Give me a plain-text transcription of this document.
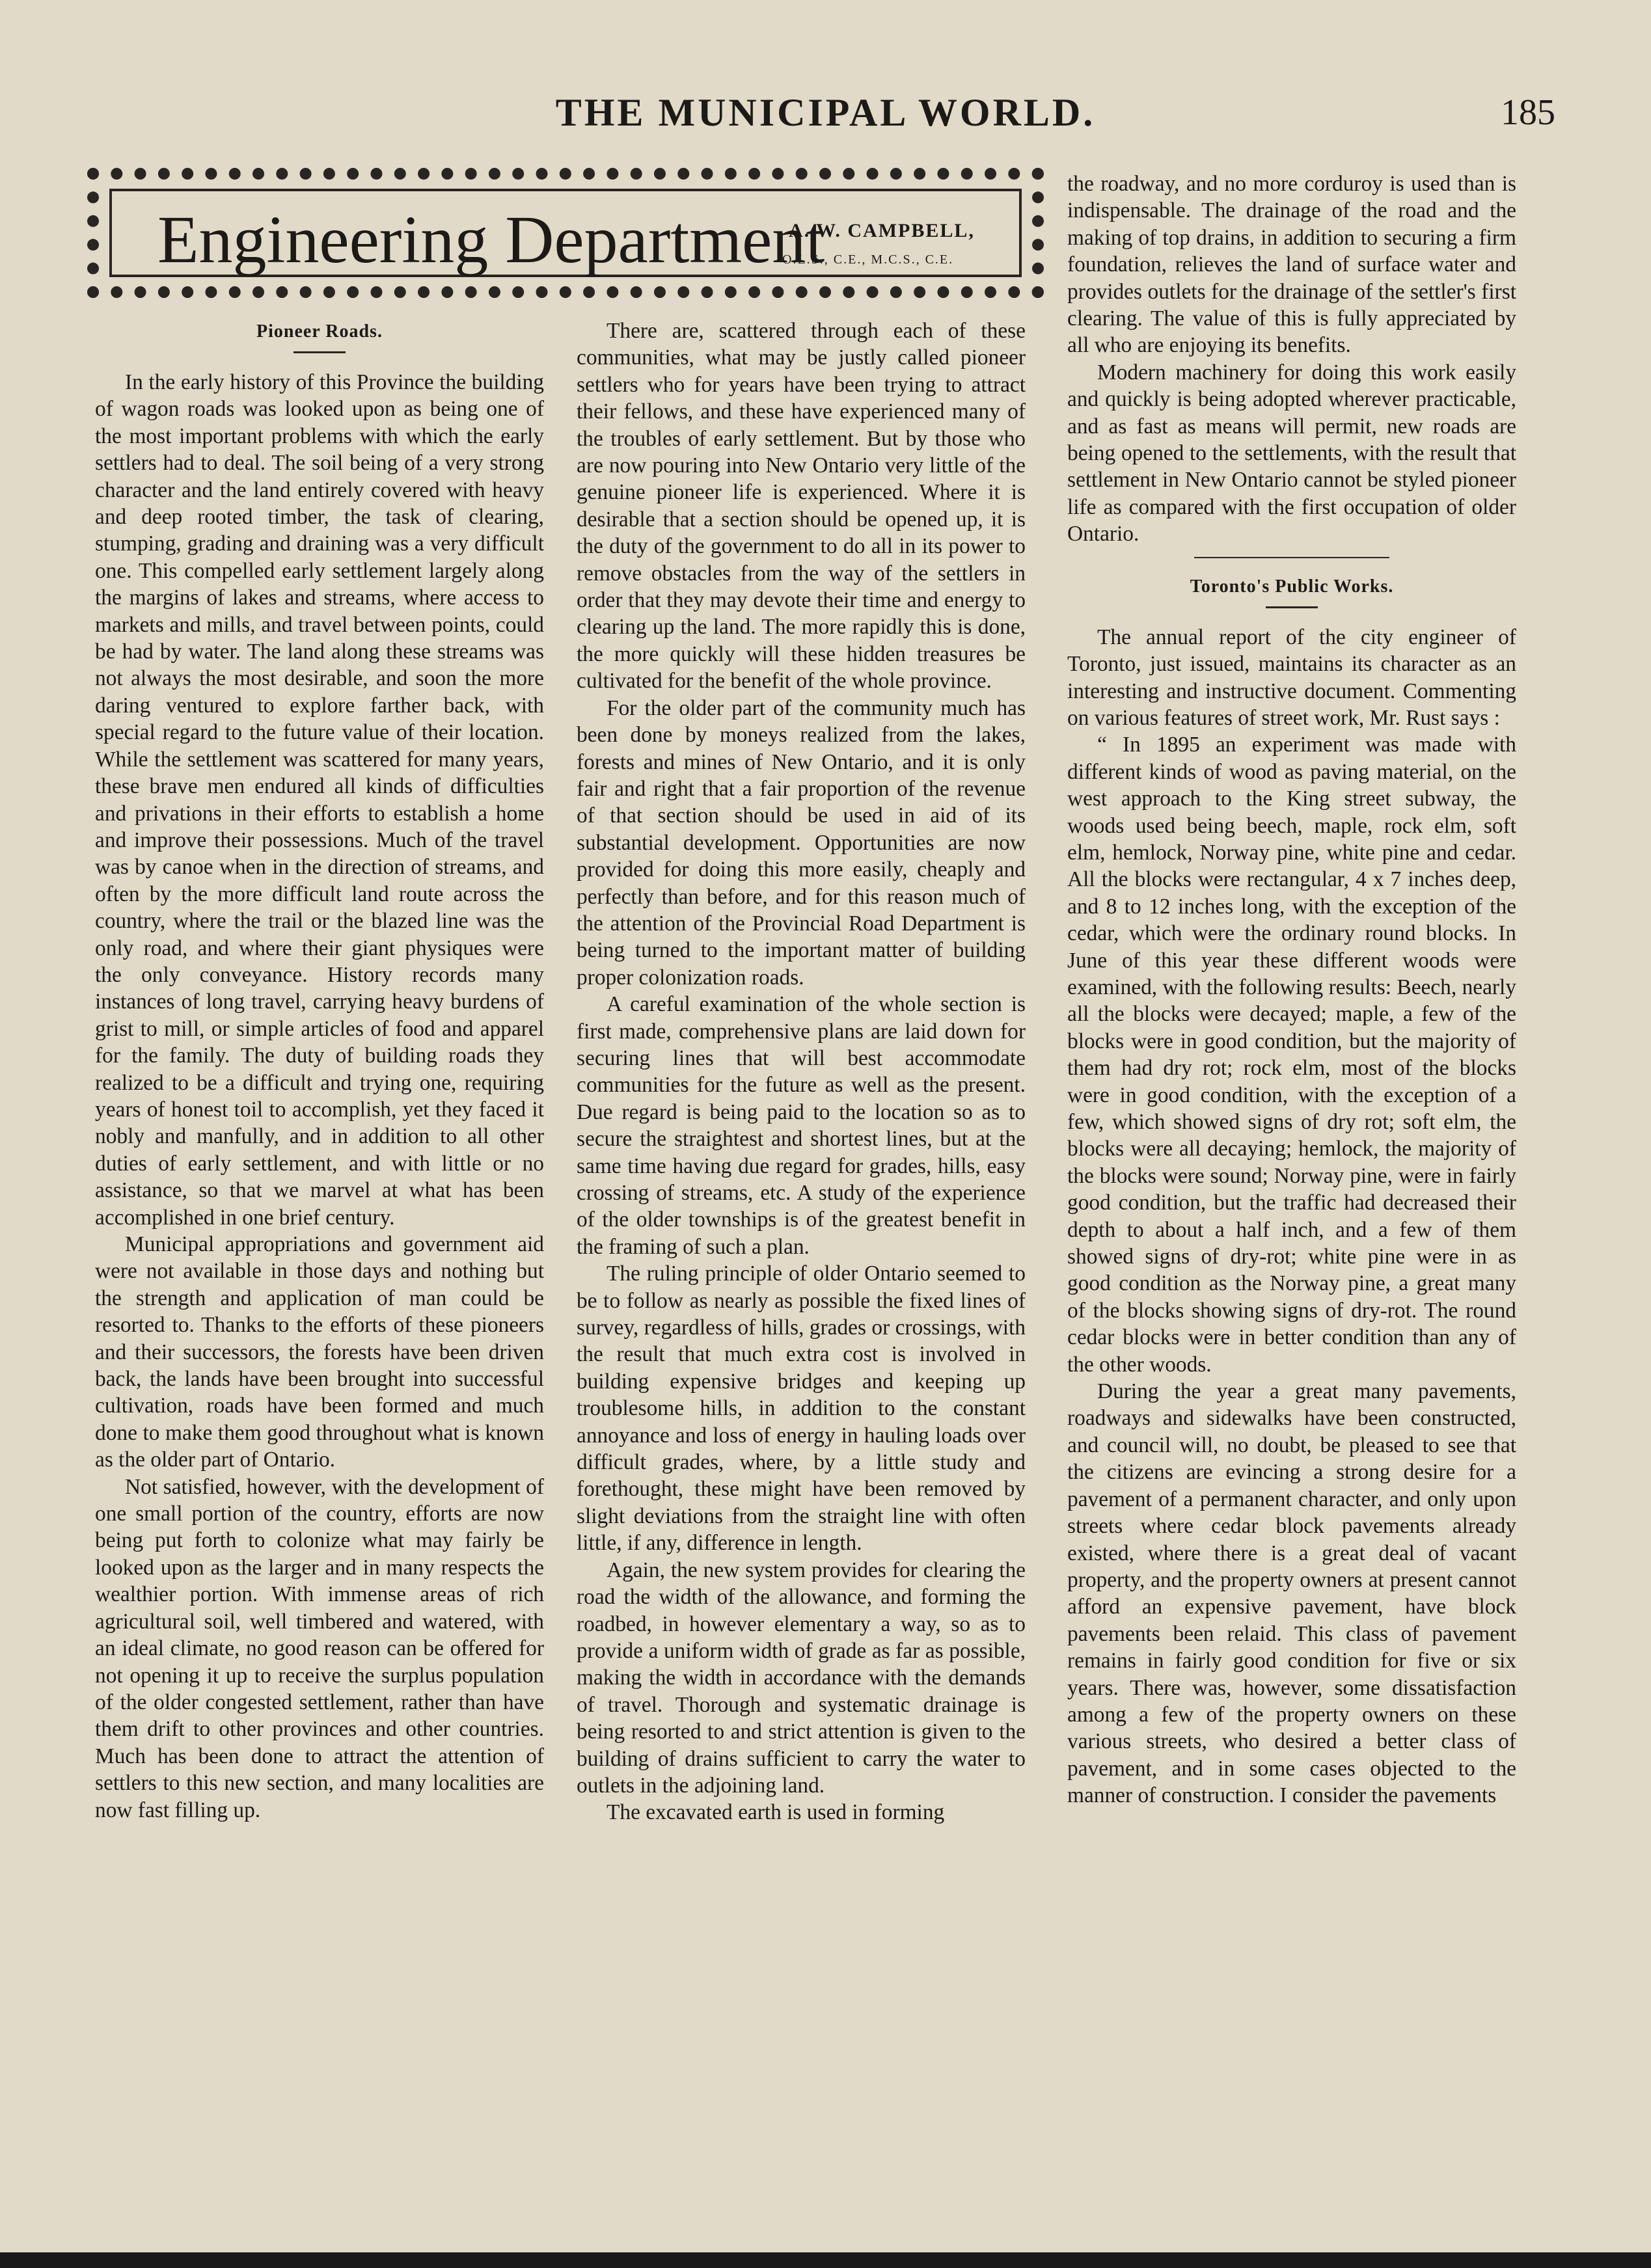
THE MUNICIPAL WORLD.	185
Engineering Department
A. W. CAMPBELL,
O.L.S., C.E., M.C.S., C.E.
Pioneer Roads.

In the early history of this Province the building of wagon roads was looked upon as being one of the most important problems with which the early settlers had to deal. The soil being of a very strong character and the land entirely covered with heavy and deep rooted timber, the task of clearing, stumping, grading and draining was a very difficult one. This compelled early settlement largely along the margins of lakes and streams, where access to markets and mills, and travel between points, could be had by water. The land along these streams was not always the most desirable, and soon the more daring ventured to explore farther back, with special regard to the future value of their location. While the settlement was scattered for many years, these brave men endured all kinds of difficulties and privations in their efforts to establish a home and improve their possessions. Much of the travel was by canoe when in the direction of streams, and often by the more difficult land route across the country, where the trail or the blazed line was the only road, and where their giant physiques were the only conveyance. History records many instances of long travel, carrying heavy burdens of grist to mill, or simple articles of food and apparel for the family. The duty of building roads they realized to be a difficult and trying one, requiring years of honest toil to accomplish, yet they faced it nobly and manfully, and in addition to all other duties of early settlement, and with little or no assistance, so that we marvel at what has been accomplished in one brief century.

Municipal appropriations and government aid were not available in those days and nothing but the strength and application of man could be resorted to. Thanks to the efforts of these pioneers and their successors, the forests have been driven back, the lands have been brought into successful cultivation, roads have been formed and much done to make them good throughout what is known as the older part of Ontario.

Not satisfied, however, with the development of one small portion of the country, efforts are now being put forth to colonize what may fairly be looked upon as the larger and in many respects the wealthier portion. With immense areas of rich agricultural soil, well timbered and watered, with an ideal climate, no good reason can be offered for not opening it up to receive the surplus population of the older congested settlement, rather than have them drift to other provinces and other countries. Much has been done to attract the attention of settlers to this new section, and many localities are now fast filling up.

There are, scattered through each of these communities, what may be justly called pioneer settlers who for years have been trying to attract their fellows, and these have experienced many of the troubles of early settlement. But by those who are now pouring into New Ontario very little of the genuine pioneer life is experienced. Where it is desirable that a section should be opened up, it is the duty of the government to do all in its power to remove obstacles from the way of the settlers in order that they may devote their time and energy to clearing up the land. The more rapidly this is done, the more quickly will these hidden treasures be cultivated for the benefit of the whole province.

For the older part of the community much has been done by moneys realized from the lakes, forests and mines of New Ontario, and it is only fair and right that a fair proportion of the revenue of that section should be used in aid of its substantial development. Opportunities are now provided for doing this more easily, cheaply and perfectly than before, and for this reason much of the attention of the Provincial Road Department is being turned to the important matter of building proper colonization roads.

A careful examination of the whole section is first made, comprehensive plans are laid down for securing lines that will best accommodate communities for the future as well as the present. Due regard is being paid to the location so as to secure the straightest and shortest lines, but at the same time having due regard for grades, hills, easy crossing of streams, etc. A study of the experience of the older townships is of the greatest benefit in the framing of such a plan.

The ruling principle of older Ontario seemed to be to follow as nearly as possible the fixed lines of survey, regardless of hills, grades or crossings, with the result that much extra cost is involved in building expensive bridges and keeping up troublesome hills, in addition to the constant annoyance and loss of energy in hauling loads over difficult grades, where, by a little study and forethought, these might have been removed by slight deviations from the straight line with often little, if any, difference in length.

Again, the new system provides for clearing the road the width of the allowance, and forming the roadbed, in however elementary a way, so as to provide a uniform width of grade as far as possible, making the width in accordance with the demands of travel. Thorough and systematic drainage is being resorted to and strict attention is given to the building of drains sufficient to carry the water to outlets in the adjoining land.

The excavated earth is used in forming

the roadway, and no more corduroy is used than is indispensable. The drainage of the road and the making of top drains, in addition to securing a firm foundation, relieves the land of surface water and provides outlets for the drainage of the settler's first clearing. The value of this is fully appreciated by all who are enjoying its benefits.

Modern machinery for doing this work easily and quickly is being adopted wherever practicable, and as fast as means will permit, new roads are being opened to the settlements, with the result that settlement in New Ontario cannot be styled pioneer life as compared with the first occupation of older Ontario.

Toronto's Public Works.

The annual report of the city engineer of Toronto, just issued, maintains its character as an interesting and instructive document. Commenting on various features of street work, Mr. Rust says :

“ In 1895 an experiment was made with different kinds of wood as paving material, on the west approach to the King street subway, the woods used being beech, maple, rock elm, soft elm, hemlock, Norway pine, white pine and cedar. All the blocks were rectangular, 4 x 7 inches deep, and 8 to 12 inches long, with the exception of the cedar, which were the ordinary round blocks. In June of this year these different woods were examined, with the following results: Beech, nearly all the blocks were decayed; maple, a few of the blocks were in good condition, but the majority of them had dry rot; rock elm, most of the blocks were in good condition, with the exception of a few, which showed signs of dry rot; soft elm, the blocks were all decaying; hemlock, the majority of the blocks were sound; Norway pine, were in fairly good condition, but the traffic had decreased their depth to about a half inch, and a few of them showed signs of dry-rot; white pine were in as good condition as the Norway pine, a great many of the blocks showing signs of dry-rot. The round cedar blocks were in better condition than any of the other woods.

During the year a great many pavements, roadways and sidewalks have been constructed, and council will, no doubt, be pleased to see that the citizens are evincing a strong desire for a pavement of a permanent character, and only upon streets where cedar block pavements already existed, where there is a great deal of vacant property, and the property owners at present cannot afford an expensive pavement, have block pavements been relaid. This class of pavement remains in fairly good condition for five or six years. There was, however, some dissatisfaction among a few of the property owners on these various streets, who desired a better class of pavement, and in some cases objected to the manner of construction. I consider the pavements
